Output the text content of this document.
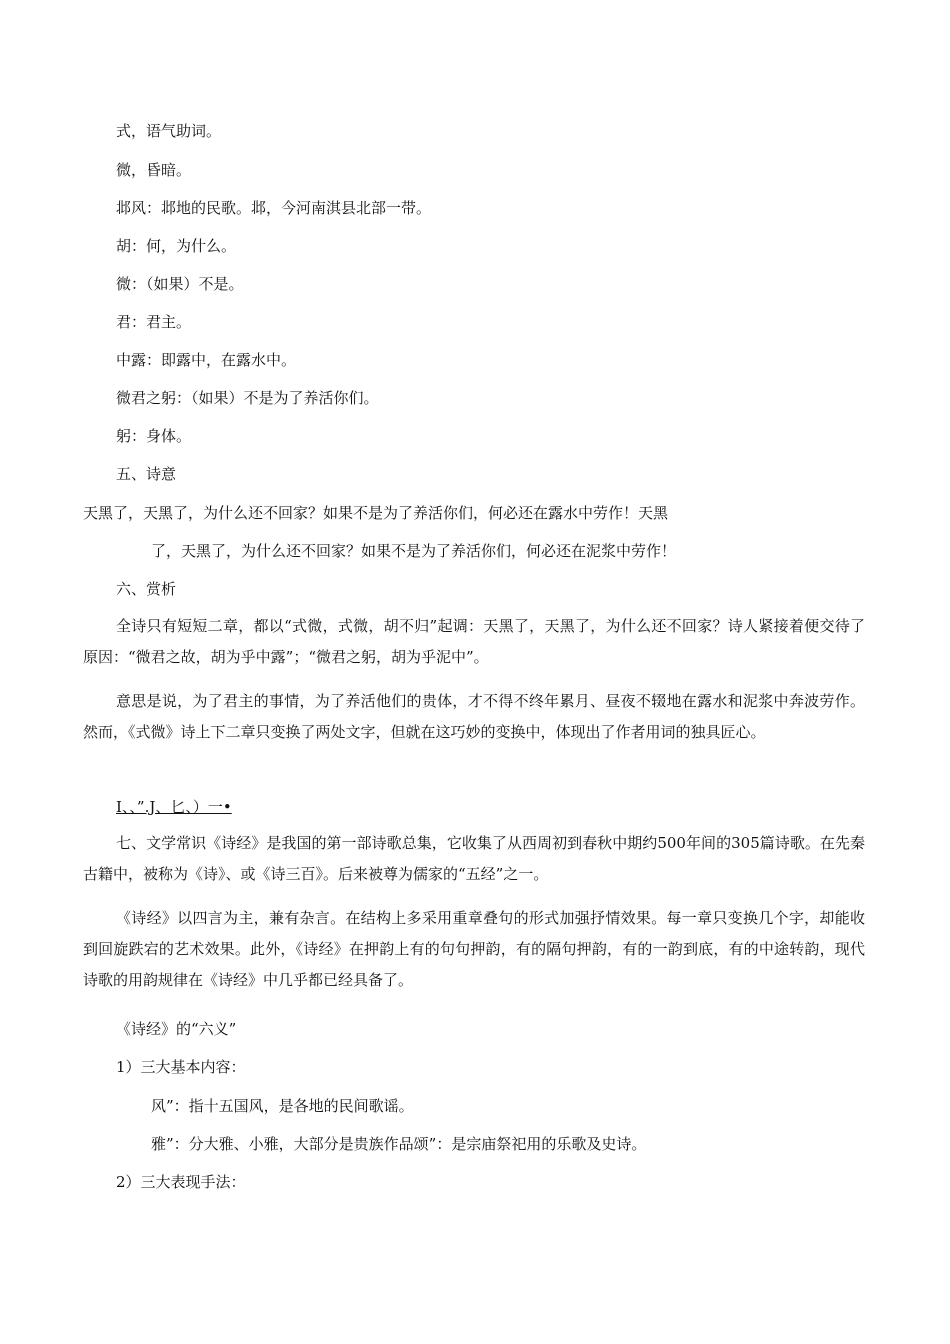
式，语气助词。

微，昏暗。

邶风：邶地的民歌。邶，今河南淇县北部一带。

胡：何，为什么。

微：（如果）不是。

君：君主。

中露：即露中，在露水中。

微君之躬：（如果）不是为了养活你们。

躬：身体。

五、诗意

天黑了，天黑了，为什么还不回家？如果不是为了养活你们，何必还在露水中劳作！天黑

了，天黑了，为什么还不回家？如果不是为了养活你们，何必还在泥浆中劳作！

六、赏析

全诗只有短短二章，都以“式微，式微，胡不归”起调：天黑了，天黑了，为什么还不回家？诗人紧接着便交待了原因：“微君之故，胡为乎中露”；“微君之躬，胡为乎泥中”。

意思是说，为了君主的事情，为了养活他们的贵体，才不得不终年累月、昼夜不辍地在露水和泥浆中奔波劳作。然而，《式微》诗上下二章只变换了两处文字，但就在这巧妙的变换中，体现出了作者用词的独具匠心。

I、、”.J、匕、）一•

七、文学常识《诗经》是我国的第一部诗歌总集，它收集了从西周初到春秋中期约500年间的305篇诗歌。在先秦古籍中，被称为《诗》、或《诗三百》。后来被尊为儒家的“五经”之一。

《诗经》以四言为主，兼有杂言。在结构上多采用重章叠句的形式加强抒情效果。每一章只变换几个字，却能收到回旋跌宕的艺术效果。此外，《诗经》在押韵上有的句句押韵，有的隔句押韵，有的一韵到底，有的中途转韵，现代诗歌的用韵规律在《诗经》中几乎都已经具备了。

《诗经》的“六义”

1）三大基本内容：

风”：指十五国风，是各地的民间歌谣。

雅”：分大雅、小雅，大部分是贵族作品颂”：是宗庙祭祀用的乐歌及史诗。

2）三大表现手法：
